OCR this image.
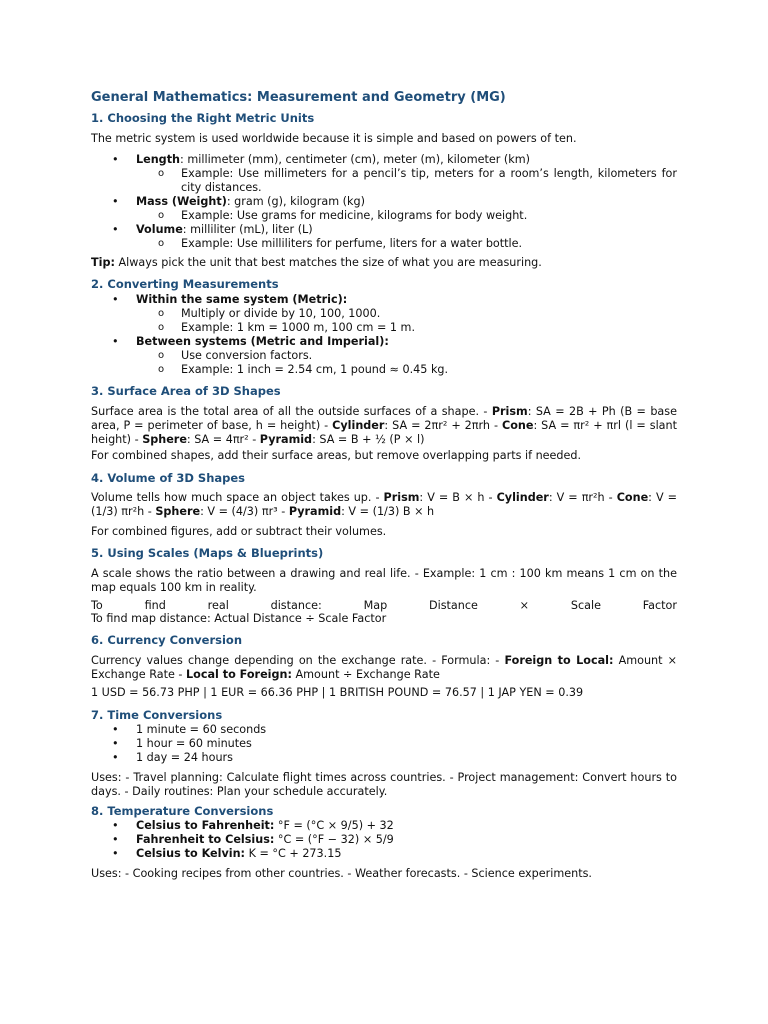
General Mathematics: Measurement and Geometry (MG)
1. Choosing the Right Metric Units

The metric system is used worldwide because it is simple and based on powers of ten.

• Length: millimeter (mm), centimeter (cm), meter (m), kilometer (km)
o Example: Use millimeters for a pencil’s tip, meters for a room’s length, kilometers for city distances.
• Mass (Weight): gram (g), kilogram (kg)
o Example: Use grams for medicine, kilograms for body weight.
• Volume: milliliter (mL), liter (L)
o Example: Use milliliters for perfume, liters for a water bottle.

Tip: Always pick the unit that best matches the size of what you are measuring.

2. Converting Measurements
• Within the same system (Metric):
o Multiply or divide by 10, 100, 1000.
o Example: 1 km = 1000 m, 100 cm = 1 m.
• Between systems (Metric and Imperial):
o Use conversion factors.
o Example: 1 inch = 2.54 cm, 1 pound ≈ 0.45 kg.
3. Surface Area of 3D Shapes

Surface area is the total area of all the outside surfaces of a shape. - Prism: SA = 2B + Ph (B = base area, P = perimeter of base, h = height) - Cylinder: SA = 2πr² + 2πrh - Cone: SA = πr² + πrl (l = slant height) - Sphere: SA = 4πr² - Pyramid: SA = B + ½ (P × l)

For combined shapes, add their surface areas, but remove overlapping parts if needed.

4. Volume of 3D Shapes

Volume tells how much space an object takes up. - Prism: V = B × h - Cylinder: V = πr²h - Cone: V = (1/3) πr²h - Sphere: V = (4/3) πr³ - Pyramid: V = (1/3) B × h

For combined figures, add or subtract their volumes.

5. Using Scales (Maps & Blueprints)

A scale shows the ratio between a drawing and real life. - Example: 1 cm : 100 km means 1 cm on the map equals 100 km in reality.

To find real distance: Map Distance × Scale Factor

To find map distance: Actual Distance ÷ Scale Factor

6. Currency Conversion

Currency values change depending on the exchange rate. - Formula: - Foreign to Local: Amount × Exchange Rate - Local to Foreign: Amount ÷ Exchange Rate

1 USD = 56.73 PHP | 1 EUR = 66.36 PHP | 1 BRITISH POUND = 76.57 | 1 JAP YEN = 0.39

7. Time Conversions
• 1 minute = 60 seconds
• 1 hour = 60 minutes
• 1 day = 24 hours

Uses: - Travel planning: Calculate flight times across countries. - Project management: Convert hours to days. - Daily routines: Plan your schedule accurately.

8. Temperature Conversions
• Celsius to Fahrenheit: °F = (°C × 9/5) + 32
• Fahrenheit to Celsius: °C = (°F − 32) × 5/9
• Celsius to Kelvin: K = °C + 273.15

Uses: - Cooking recipes from other countries. - Weather forecasts. - Science experiments.
